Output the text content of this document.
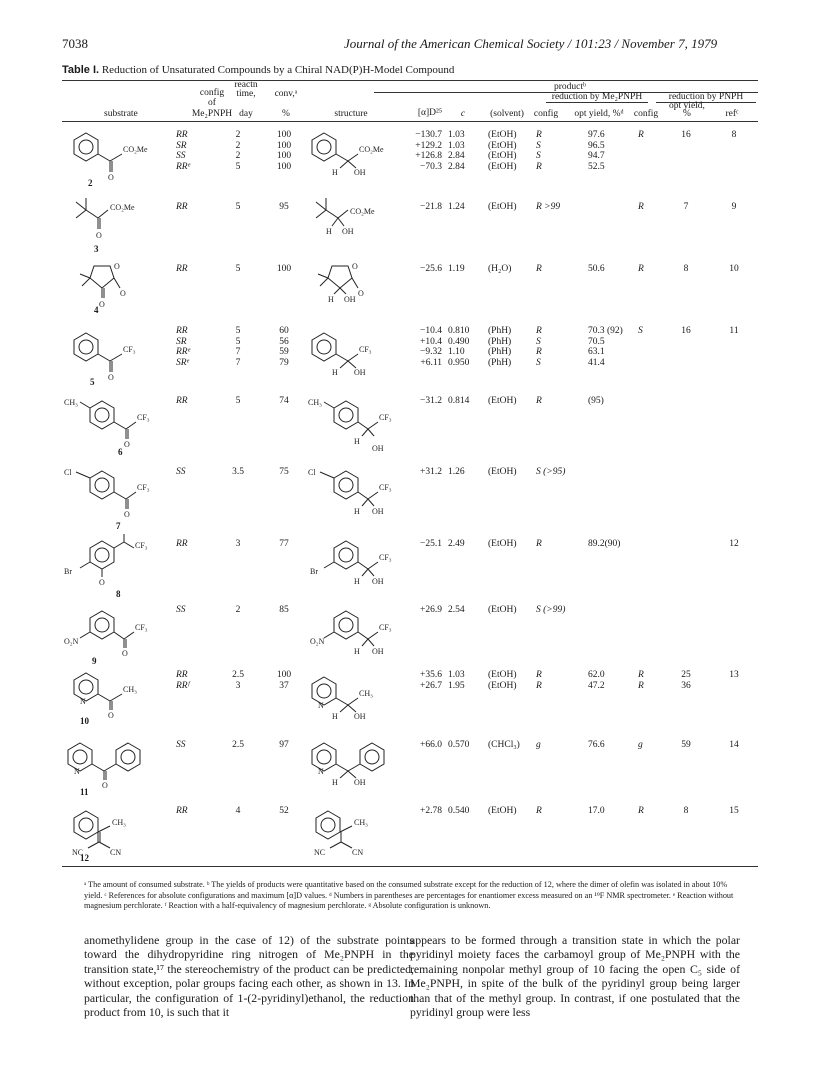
7038	Journal of the American Chemical Society / 101:23 / November 7, 1979
Table I. Reduction of Unsaturated Compounds by a Chiral NAD(P)H-Model Compound
substrate
config
of
Me₂PNPH
reactn
time,
day
conv,ᵃ
%
productᵇ
reduction by Me₂PNPH	reduction by PNPH
structure	[α]D²⁵	c	(solvent)	config	opt yield, %ᵈ	config
opt yield,
%	refᶜ
RR	2	100	−130.7 1.03	(EtOH)	R	97.6	R	16	8
SR	2	100	+129.2 1.03	(EtOH)	S	96.5
SS	2	100	+126.8 2.84	(EtOH)	S	94.7
RRᵉ	5	100	−70.3 2.84	(EtOH)	R	52.5
RR	5	95	−21.8 1.24	(EtOH)	R >99	R	7	9
RR	5	100	−25.6 1.19	(H₂O)	R	50.6	R	8	10
RR	5	60	−10.4 0.810	(PhH)	R	70.3 (92)	S	16	11
SR	5	56	+10.4 0.490	(PhH)	S	70.5
RRᵉ	7	59	−9.32 1.10	(PhH)	R	63.1
SRᵉ	7	79	+6.11 0.950	(PhH)	S	41.4
RR	5	74	−31.2 0.814	(EtOH)	R	(95)
SS	3.5	75	+31.2 1.26	(EtOH)	S (>95)
RR	3	77	−25.1 2.49	(EtOH)	R	89.2(90)	12
SS	2	85	+26.9 2.54	(EtOH)	S (>99)
RR	2.5	100	+35.6 1.03	(EtOH)	R	62.0	R	25	13
RRᶠ	3	37	+26.7 1.95	(EtOH)	R	47.2	R	36
SS	2.5	97	+66.0 0.570	(CHCl₃)	g	76.6	g	59	14
RR	4	52	+2.78 0.540	(EtOH)	R	17.0	R	8	15
2
3
4
5
6
7
8
9
10
11
12
CO₂Me
O
CO₂Me
O
O
O
O
CF₃
O
CH₃
CF₃
O
Cl
CF₃
O
Br
CF₃
O
O₂N
CF₃
O
N
CH₃
O
N
O
CH₃
NC	CN
CO₂Me
H OH
CO₂Me
H OH
O
O
H OH
CF₃
H OH
CH₃
CF₃
H
OH
Cl
CF₃
H OH
Br
CF₃
H OH
O₂N
CF₃
H OH
N
CH₃
H OH
N
H OH
CH₃
NC	CN
ᵃ The amount of consumed substrate. ᵇ The yields of products were quantitative based on the consumed substrate except for the reduction of 12, where the dimer of olefin was isolated in about 10% yield. ᶜ References for absolute configurations and maximum [α]D values. ᵈ Numbers in parentheses are percentages for enantiomer excess measured on an ¹⁹F NMR spectrometer. ᵉ Reaction without magnesium perchlorate. ᶠ Reaction with a half-equivalency of magnesium perchlorate. ᵍ Absolute configuration is unknown.
anomethylidene group in the case of 12) of the substrate points toward the dihydropyridine ring nitrogen of Me₂PNPH in the transition state,¹⁷ the stereochemistry of the product can be predicted, without exception, polar groups facing each other, as shown in 13. In particular, the configuration of 1-(2-pyridinyl)ethanol, the reduction product from 10, is such that it
appears to be formed through a transition state in which the polar pyridinyl moiety faces the carbamoyl group of Me₂PNPH with the remaining nonpolar methyl group of 10 facing the open C₅ side of Me₂PNPH, in spite of the bulk of the pyridinyl group being larger than that of the methyl group. In contrast, if one postulated that the pyridinyl group were less
